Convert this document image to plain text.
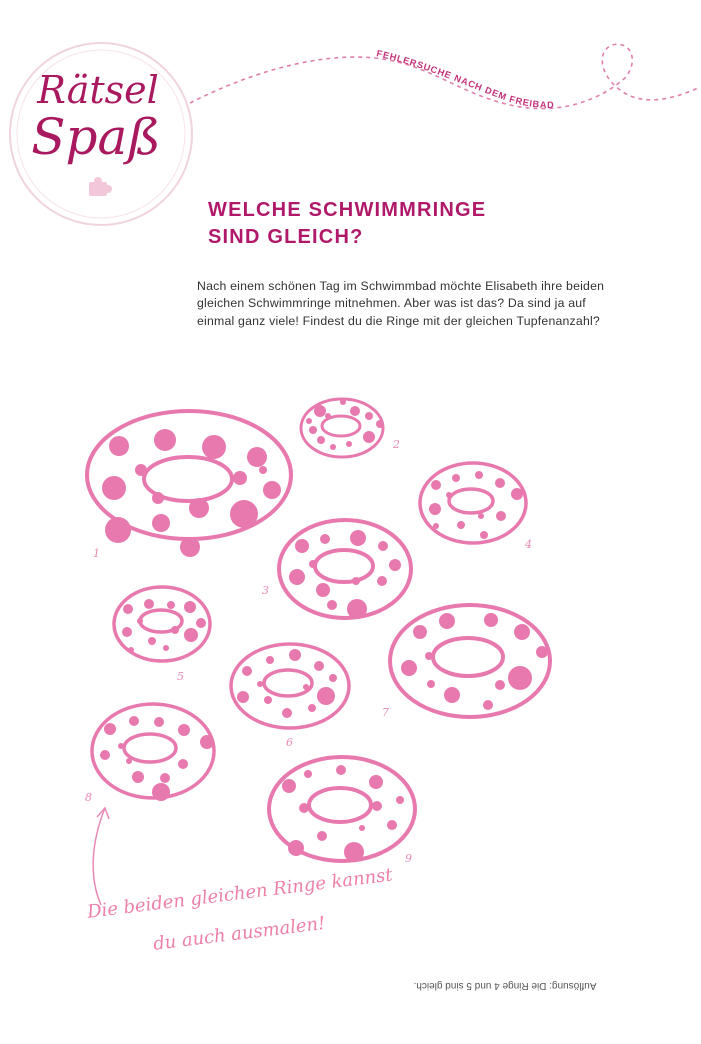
FEHLERSUCHE NACH DEM FREIBAD
Rätsel
Spaß
WELCHE SCHWIMMRINGE
SIND GLEICH?

Nach einem schönen Tag im Schwimmbad möchte Elisabeth ihre beiden gleichen Schwimmringe mitnehmen. Aber was ist das? Da sind ja auf einmal ganz viele! Findest du die Ringe mit der gleichen Tupfenanzahl?

1
2
3
4
5
6
7
8
9
Die beiden gleichen Ringe kannst
du auch ausmalen!
Auflösung: Die Ringe 4 und 5 sind gleich.
